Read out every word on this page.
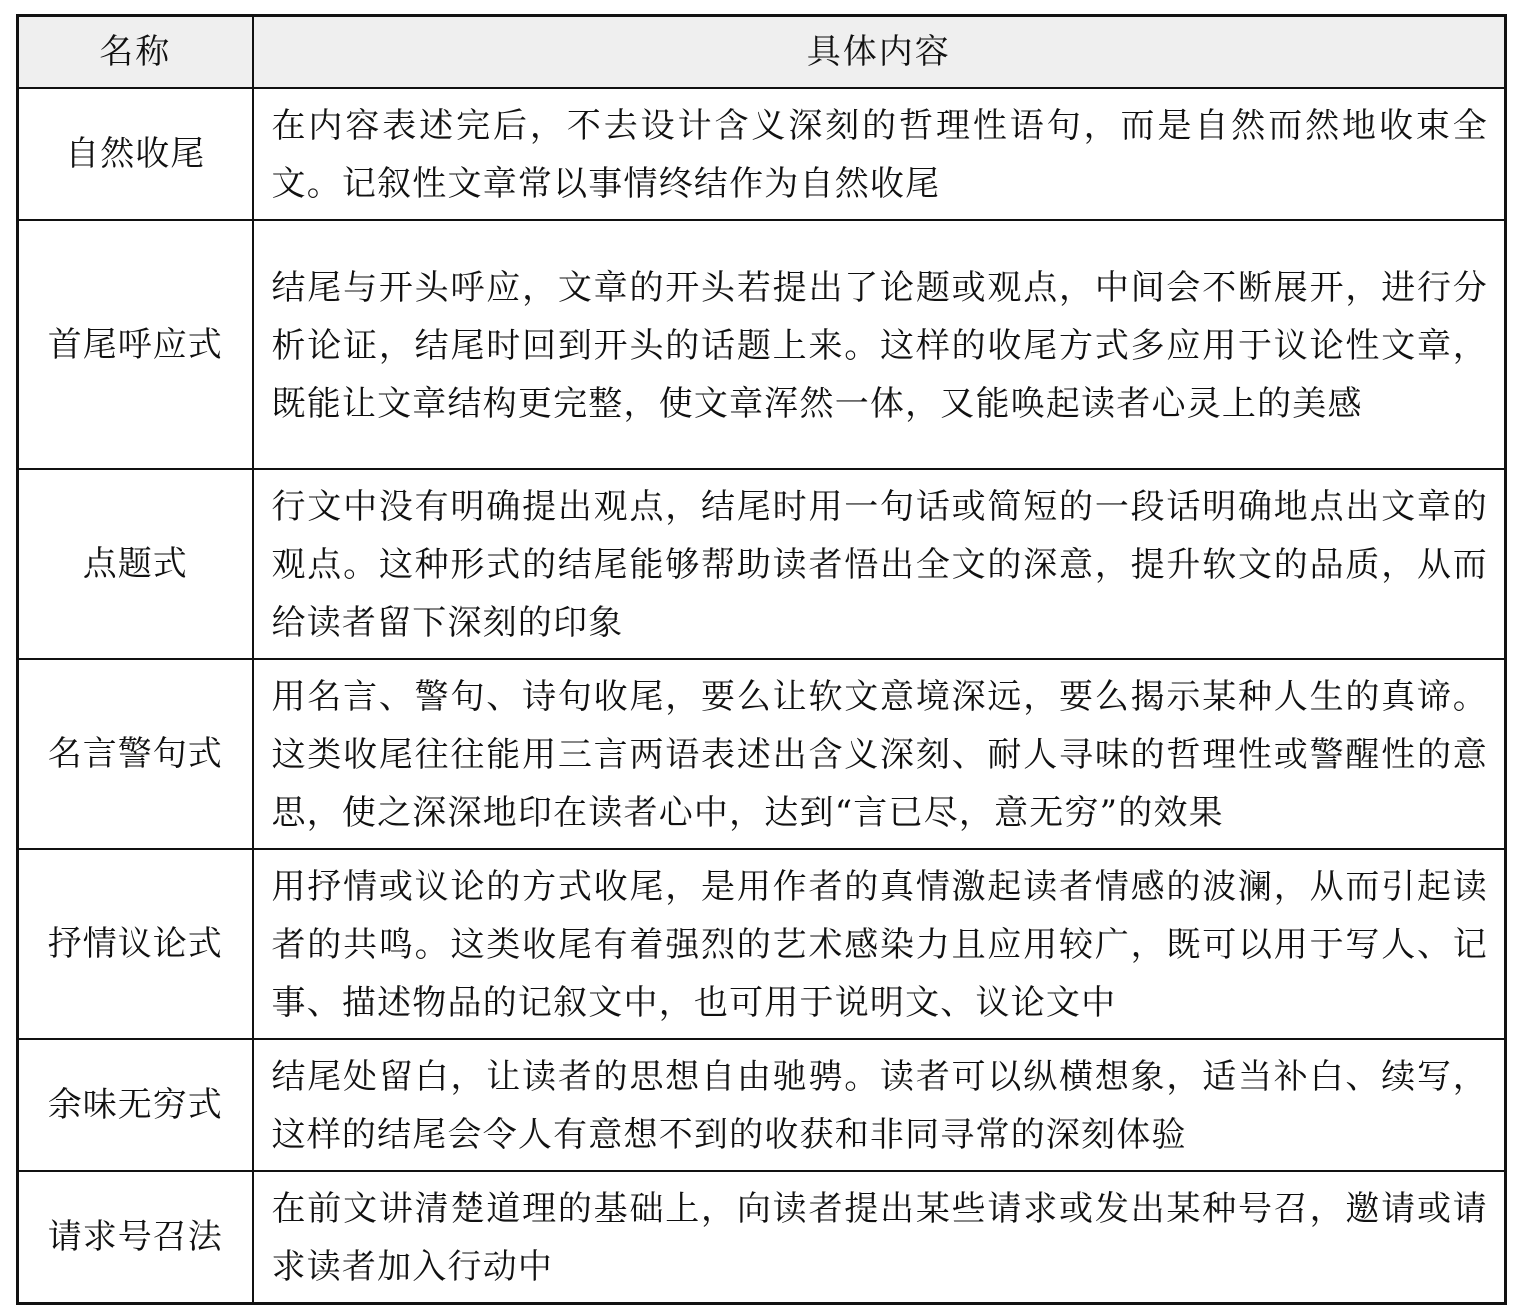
名称	具体内容
自然收尾	在内容表述完后，不去设计含义深刻的哲理性语句，而是自然而然地收束全文。记叙性文章常以事情终结作为自然收尾
首尾呼应式	结尾与开头呼应，文章的开头若提出了论题或观点，中间会不断展开，进行分析论证，结尾时回到开头的话题上来。这样的收尾方式多应用于议论性文章，既能让文章结构更完整，使文章浑然一体，又能唤起读者心灵上的美感
点题式	行文中没有明确提出观点，结尾时用一句话或简短的一段话明确地点出文章的观点。这种形式的结尾能够帮助读者悟出全文的深意，提升软文的品质，从而给读者留下深刻的印象
名言警句式	用名言、警句、诗句收尾，要么让软文意境深远，要么揭示某种人生的真谛。这类收尾往往能用三言两语表述出含义深刻、耐人寻味的哲理性或警醒性的意思，使之深深地印在读者心中，达到“言已尽，意无穷”的效果
抒情议论式	用抒情或议论的方式收尾，是用作者的真情激起读者情感的波澜，从而引起读者的共鸣。这类收尾有着强烈的艺术感染力且应用较广，既可以用于写人、记事、描述物品的记叙文中，也可用于说明文、议论文中
余味无穷式	结尾处留白，让读者的思想自由驰骋。读者可以纵横想象，适当补白、续写，这样的结尾会令人有意想不到的收获和非同寻常的深刻体验
请求号召法	在前文讲清楚道理的基础上，向读者提出某些请求或发出某种号召，邀请或请求读者加入行动中
